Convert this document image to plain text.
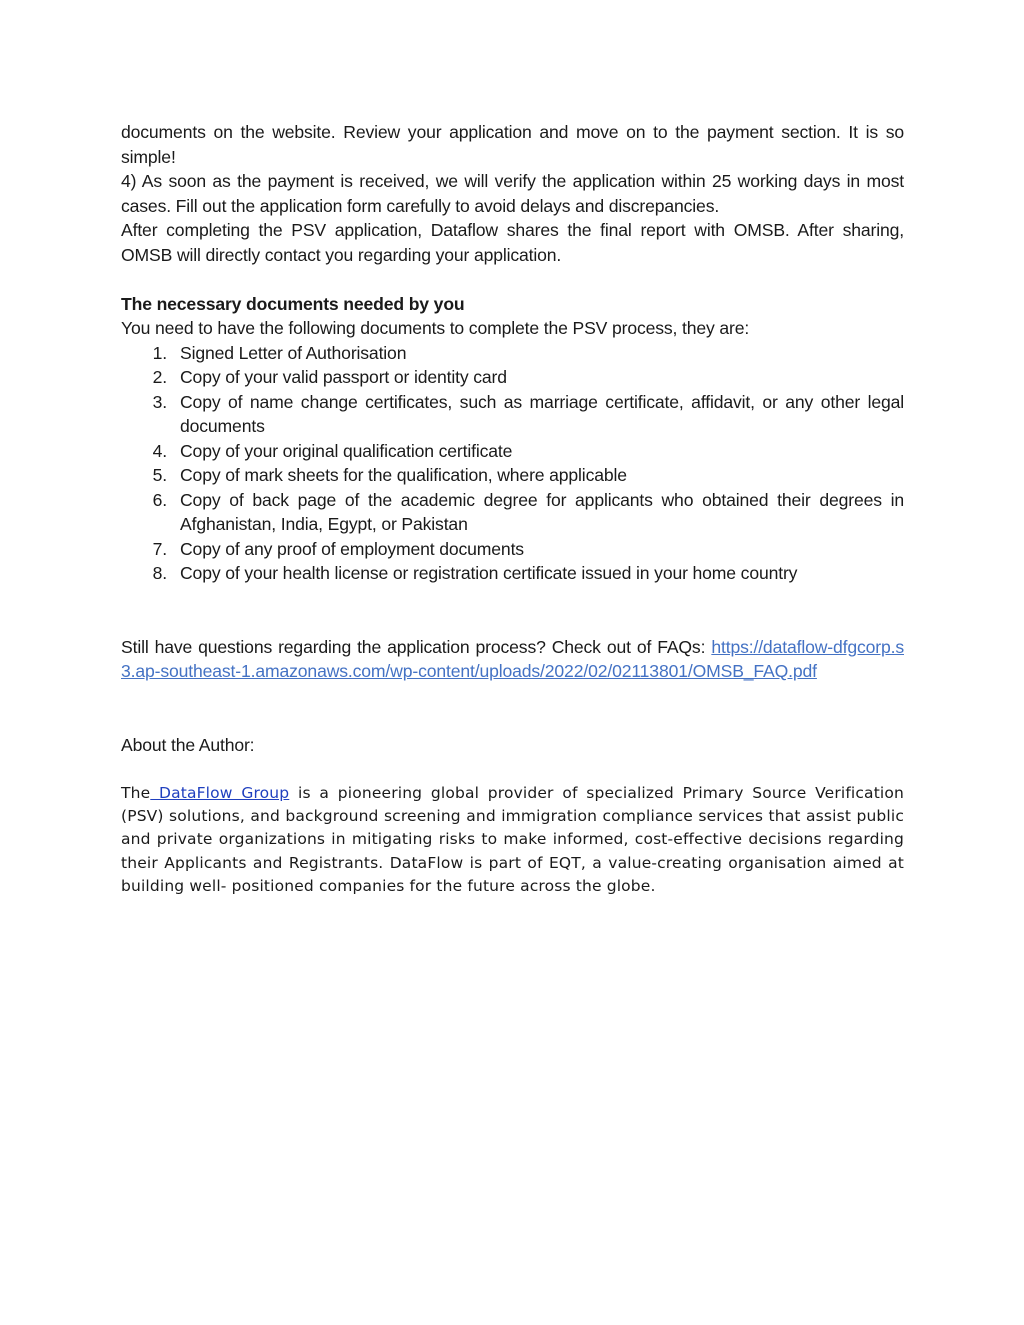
documents on the website. Review your application and move on to the payment section. It is so simple!

4) As soon as the payment is received, we will verify the application within 25 working days in most cases. Fill out the application form carefully to avoid delays and discrepancies.

After completing the PSV application, Dataflow shares the final report with OMSB. After sharing, OMSB will directly contact you regarding your application.

The necessary documents needed by you

You need to have the following documents to complete the PSV process, they are:

1. Signed Letter of Authorisation
2. Copy of your valid passport or identity card
3. Copy of name change certificates, such as marriage certificate, affidavit, or any other legal documents
4. Copy of your original qualification certificate
5. Copy of mark sheets for the qualification, where applicable
6. Copy of back page of the academic degree for applicants who obtained their degrees in Afghanistan, India, Egypt, or Pakistan
7. Copy of any proof of employment documents
8. Copy of your health license or registration certificate issued in your home country

Still have questions regarding the application process? Check out of FAQs: https://dataflow-dfgcorp.s3.ap-southeast-1.amazonaws.com/wp-content/uploads/2022/02/02113801/OMSB_FAQ.pdf

About the Author:

The DataFlow Group is a pioneering global provider of specialized Primary Source Verification (PSV) solutions, and background screening and immigration compliance services that assist public and private organizations in mitigating risks to make informed, cost-effective decisions regarding their Applicants and Registrants. DataFlow is part of EQT, a value-creating organisation aimed at building well- positioned companies for the future across the globe.
